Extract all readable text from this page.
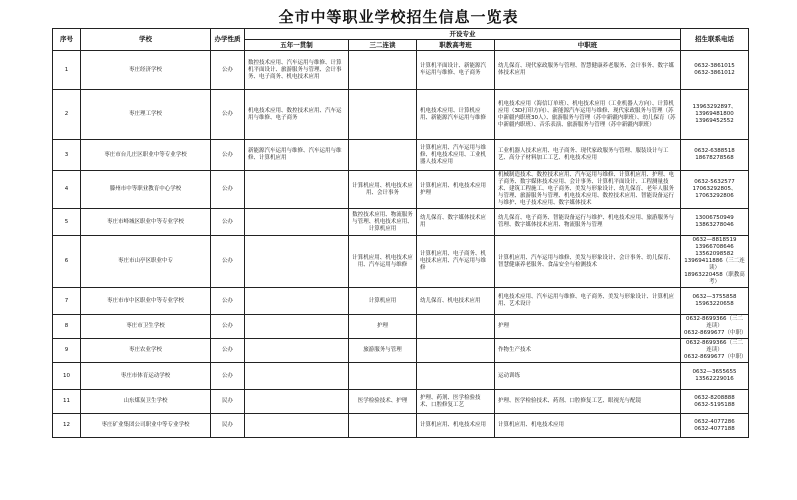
全市中等职业学校招生信息一览表
序号	学校	办学性质	开设专业				招生联系电话
			五年一贯制	三二连读	职教高考班	中职班	
1	枣庄经济学校	公办	数控技术应用、汽车运用与维修、计算机平面设计、旅游服务与管理、会计事务、电子商务、机电技术应用		计算机平面设计、新能源汽车运用与维修、电子商务	幼儿保育、现代家政服务与管理、智慧健康养老服务、会计事务、数字媒体技术应用	0632-3861015
0632-3861012
2	枣庄理工学校	公办	机电技术应用、数控技术应用、汽车运用与维修、电子商务		机电技术应用、计算机应用、新能源汽车运用与维修	机电技术应用（海信订单班）、机电技术应用（工业机器人方向）、计算机应用（3D打印方向）、新能源汽车运用与维修、现代家政服务与管理（苏中新疆内职班30人）、旅游服务与管理（苏中新疆内职班）、幼儿保育（苏中新疆内职班）、音乐表演、旅游服务与管理（苏中新疆内职班）	13963292897、13969481800
13969452552
3	枣庄市台儿庄区职业中等专业学校	公办	新能源汽车运用与维修、汽车运用与维修、计算机应用		计算机应用、汽车运用与维修、机电技术应用、工业机器人技术应用	工业机器人技术应用、电子商务、现代家政服务与管理、服装设计与工艺、高分子材料加工工艺、机电技术应用	0632-6388518
18678278568
4	滕州市中等职业教育中心学校	公办		计算机应用、机电技术应用、会计事务	计算机应用、机电技术应用护理	机械制造技术、数控技术应用、汽车运用与维修、计算机应用、护理、电子商务、数字媒体技术应用、会计事务、计算机平面设计、工程测量技术、建筑工程施工、电子商务、美发与形象设计、幼儿保育、老年人服务与管理、旅游服务与管理、机电技术应用、数控技术应用、智能设备运行与维护、电子技术应用、数字媒体技术	0632-5632577
17063292805、17063292806
5	枣庄市峄城区职业中等专业学校	公办		数控技术应用、物流服务与管理、机电技术应用、计算机应用	幼儿保育、数字媒体技术应用	幼儿保育、电子商务、智能设备运行与维护、机电技术应用、旅游服务与管理、数字媒体技术应用、物流服务与管理	13006750949
13863278046
6	枣庄市山亭区职业中专	公办		计算机应用、机电技术应用、汽车运用与维修	计算机应用、电子商务、机电技术应用、汽车运用与维修	计算机应用、汽车运用与维修、美发与形象设计、会计事务、幼儿保育、智慧健康养老服务、食品安全与检测技术	0632—8818519 13966708646
13562098582
13969411886（三二连读）
18963220458（职教高考）
7	枣庄市市中区职业中等专业学校	公办		计算机应用	幼儿保育、机电技术应用	机电技术应用、汽车运用与维修、电子商务、美发与形象设计、计算机应用、艺术设计	0632—3755858
15963220658
8	枣庄市卫生学校	公办		护理		护理	0632-8699366（三二连读）
0632-8699677（中职）
9	枣庄农业学校	公办		旅游服务与管理		作物生产技术	0632-8699366（三二连读）
0632-8699677（中职）
10	枣庄市体育运动学校	公办				运动训练	0632—3655655
13562229016
11	山东煤炭卫生学校	民办		医学检验技术、护理	护理、药剂、医学检验技术、口腔修复工艺	护理、医学检验技术、药剂、口腔修复工艺、眼视光与配镜	0632-8208888
0632-5195188
12	枣庄矿业集团公司职业中等专业学校	民办			计算机应用、机电技术应用	计算机应用、机电技术应用	0632-4077286
0632-4077188
